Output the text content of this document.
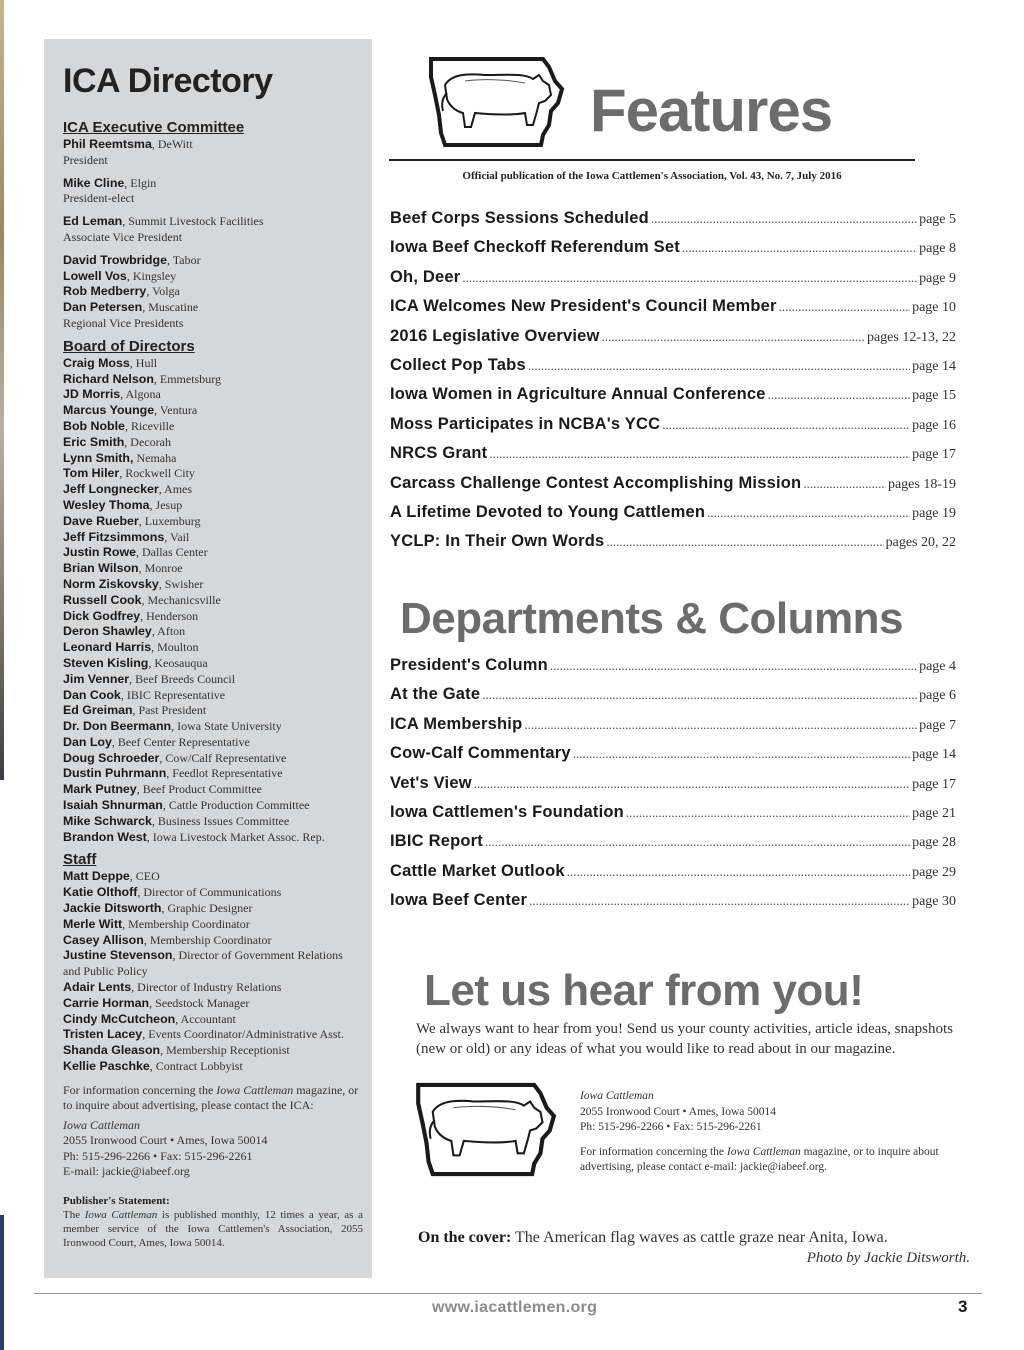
ICA Directory
ICA Executive Committee
Phil Reemtsma, DeWitt
President
Mike Cline, Elgin
President-elect
Ed Leman, Summit Livestock Facilities
Associate Vice President
David Trowbridge, Tabor
Lowell Vos, Kingsley
Rob Medberry, Volga
Dan Petersen, Muscatine
Regional Vice Presidents
Board of Directors
Craig Moss, Hull
Richard Nelson, Emmetsburg
JD Morris, Algona
Marcus Younge, Ventura
Bob Noble, Riceville
Eric Smith, Decorah
Lynn Smith, Nemaha
Tom Hiler, Rockwell City
Jeff Longnecker, Ames
Wesley Thoma, Jesup
Dave Rueber, Luxemburg
Jeff Fitzsimmons, Vail
Justin Rowe, Dallas Center
Brian Wilson, Monroe
Norm Ziskovsky, Swisher
Russell Cook, Mechanicsville
Dick Godfrey, Henderson
Deron Shawley, Afton
Leonard Harris, Moulton
Steven Kisling, Keosauqua
Jim Venner, Beef Breeds Council
Dan Cook, IBIC Representative
Ed Greiman, Past President
Dr. Don Beermann, Iowa State University
Dan Loy, Beef Center Representative
Doug Schroeder, Cow/Calf Representative
Dustin Puhrmann, Feedlot Representative
Mark Putney, Beef Product Committee
Isaiah Shnurman, Cattle Production Committee
Mike Schwarck, Business Issues Committee
Brandon West, Iowa Livestock Market Assoc. Rep.
Staff
Matt Deppe, CEO
Katie Olthoff, Director of Communications
Jackie Ditsworth, Graphic Designer
Merle Witt, Membership Coordinator
Casey Allison, Membership Coordinator
Justine Stevenson, Director of Government Relations
and Public Policy
Adair Lents, Director of Industry Relations
Carrie Horman, Seedstock Manager
Cindy McCutcheon, Accountant
Tristen Lacey, Events Coordinator/Administrative Asst.
Shanda Gleason, Membership Receptionist
Kellie Paschke, Contract Lobbyist
For information concerning the Iowa Cattleman magazine, or to inquire about advertising, please contact the ICA:
Iowa Cattleman
2055 Ironwood Court • Ames, Iowa 50014
Ph: 515-296-2266 • Fax: 515-296-2261
E-mail: jackie@iabeef.org
Publisher's Statement:
The Iowa Cattleman is published monthly, 12 times a year, as a member service of the Iowa Cattlemen's Association, 2055 Ironwood Court, Ames, Iowa 50014.
Features
Official publication of the Iowa Cattlemen's Association, Vol. 43, No. 7, July 2016
Beef Corps Sessions Scheduled .....	page 5
Iowa Beef Checkoff Referendum Set .....	page 8
Oh, Deer .....	page 9
ICA Welcomes New President's Council Member .....	page 10
2016 Legislative Overview .....	pages 12-13, 22
Collect Pop Tabs .....	page 14
Iowa Women in Agriculture Annual Conference .....	page 15
Moss Participates in NCBA's YCC .....	page 16
NRCS Grant .....	page 17
Carcass Challenge Contest Accomplishing Mission .....	pages 18-19
A Lifetime Devoted to Young Cattlemen .....	page 19
YCLP: In Their Own Words .....	pages 20, 22
Departments & Columns
President's Column .....	page 4
At the Gate .....	page 6
ICA Membership .....	page 7
Cow-Calf Commentary .....	page 14
Vet's View .....	page 17
Iowa Cattlemen's Foundation .....	page 21
IBIC Report .....	page 28
Cattle Market Outlook .....	page 29
Iowa Beef Center .....	page 30
Let us hear from you!
We always want to hear from you! Send us your county activities, article ideas, snapshots (new or old) or any ideas of what you would like to read about in our magazine.
Iowa Cattleman
2055 Ironwood Court • Ames, Iowa 50014
Ph: 515-296-2266 • Fax: 515-296-2261
For information concerning the Iowa Cattleman magazine, or to inquire about advertising, please contact e-mail: jackie@iabeef.org.
On the cover: The American flag waves as cattle graze near Anita, Iowa.
Photo by Jackie Ditsworth.
www.iacattlemen.org	3
